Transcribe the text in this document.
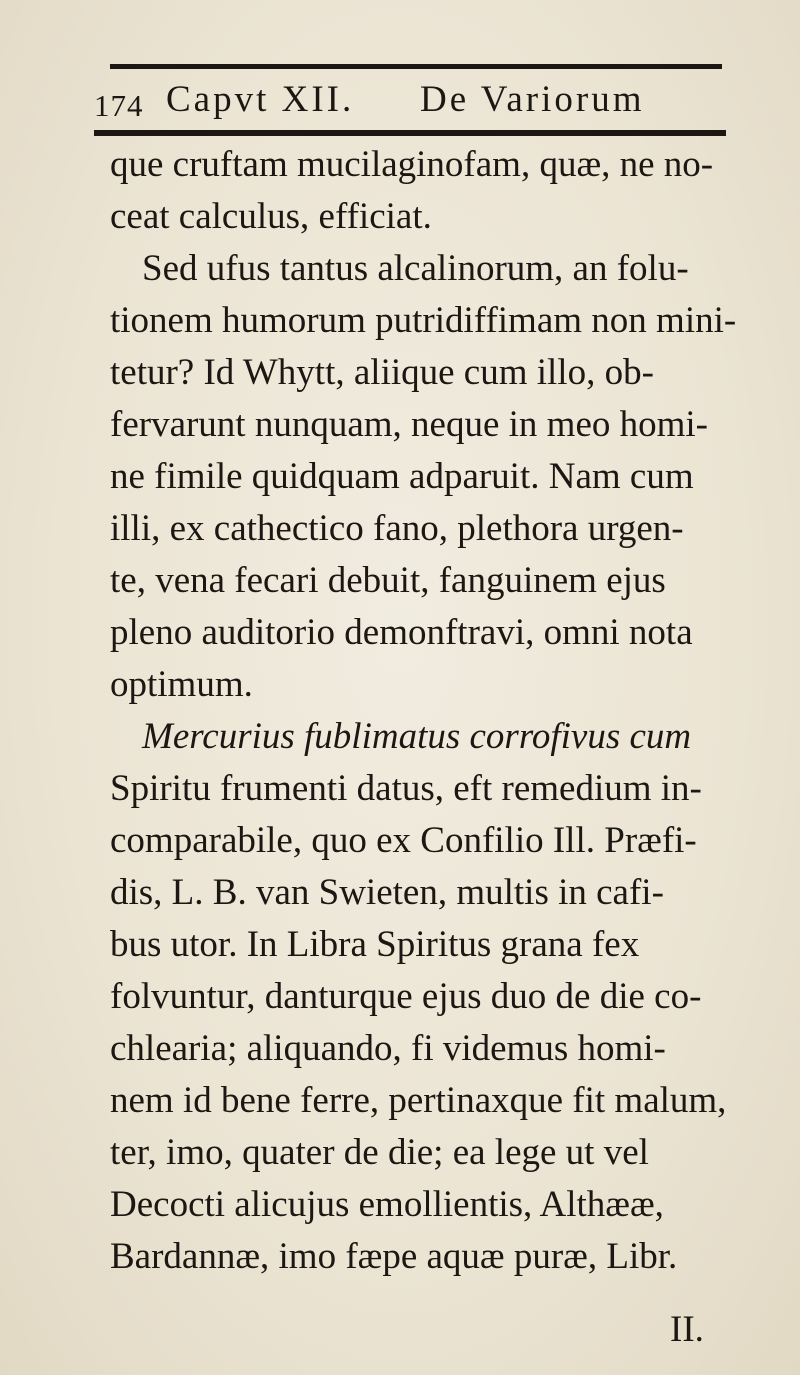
174 Capvt XII. De Variorum
que cruftam mucilaginofam, quæ, ne no-
ceat calculus, efficiat.
Sed ufus tantus alcalinorum, an folu-
tionem humorum putridiffimam non mini-
tetur? Id Whytt, aliique cum illo, ob-
fervarunt nunquam, neque in meo homi-
ne fimile quidquam adparuit. Nam cum
illi, ex cathectico fano, plethora urgen-
te, vena fecari debuit, fanguinem ejus
pleno auditorio demonftravi, omni nota
optimum.
Mercurius fublimatus corrofivus cum
Spiritu frumenti datus, eft remedium in-
comparabile, quo ex Confilio Ill. Præfi-
dis, L. B. van Swieten, multis in cafi-
bus utor. In Libra Spiritus grana fex
folvuntur, danturque ejus duo de die co-
chlearia; aliquando, fi videmus homi-
nem id bene ferre, pertinaxque fit malum,
ter, imo, quater de die; ea lege ut vel
Decocti alicujus emollientis, Althææ,
Bardannæ, imo fæpe aquæ puræ, Libr.
II.
